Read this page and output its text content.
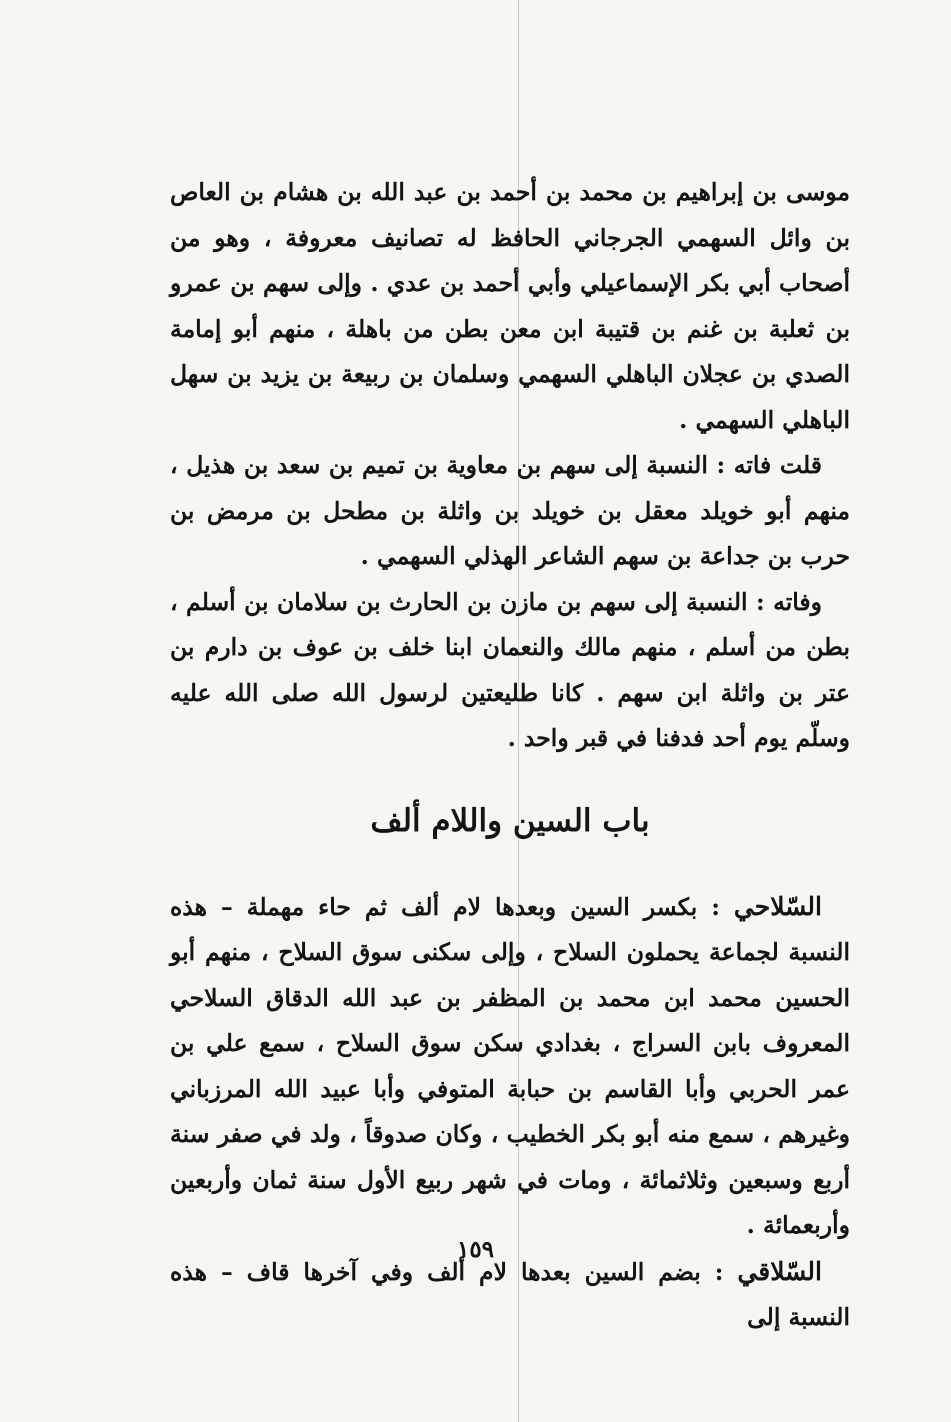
موسى بن إبراهيم بن محمد بن أحمد بن عبد الله بن هشام بن العاص بن وائل السهمي الجرجاني الحافظ له تصانيف معروفة ، وهو من أصحاب أبي بكر الإسماعيلي وأبي أحمد بن عدي . وإلى سهم بن عمرو بن ثعلبة بن غنم بن قتيبة ابن معن بطن من باهلة ، منهم أبو إمامة الصدي بن عجلان الباهلي السهمي وسلمان بن ربيعة بن يزيد بن سهل الباهلي السهمي .

قلت فاته : النسبة إلى سهم بن معاوية بن تميم بن سعد بن هذيل ، منهم أبو خويلد معقل بن خويلد بن واثلة بن مطحل بن مرمض بن حرب بن جداعة بن سهم الشاعر الهذلي السهمي .

وفاته : النسبة إلى سهم بن مازن بن الحارث بن سلامان بن أسلم ، بطن من أسلم ، منهم مالك والنعمان ابنا خلف بن عوف بن دارم بن عتر بن واثلة ابن سهم . كانا طليعتين لرسول الله صلى الله عليه وسلّم يوم أحد فدفنا في قبر واحد .

باب السين واللام ألف

السّلاحي : بكسر السين وبعدها لام ألف ثم حاء مهملة – هذه النسبة لجماعة يحملون السلاح ، وإلى سكنى سوق السلاح ، منهم أبو الحسين محمد ابن محمد بن المظفر بن عبد الله الدقاق السلاحي المعروف بابن السراج ، بغدادي سكن سوق السلاح ، سمع علي بن عمر الحربي وأبا القاسم بن حبابة المتوفي وأبا عبيد الله المرزباني وغيرهم ، سمع منه أبو بكر الخطيب ، وكان صدوقاً ، ولد في صفر سنة أربع وسبعين وثلاثمائة ، ومات في شهر ربيع الأول سنة ثمان وأربعين وأربعمائة .

السّلاقي : بضم السين بعدها لام ألف وفي آخرها قاف – هذه النسبة إلى

١٥٩
